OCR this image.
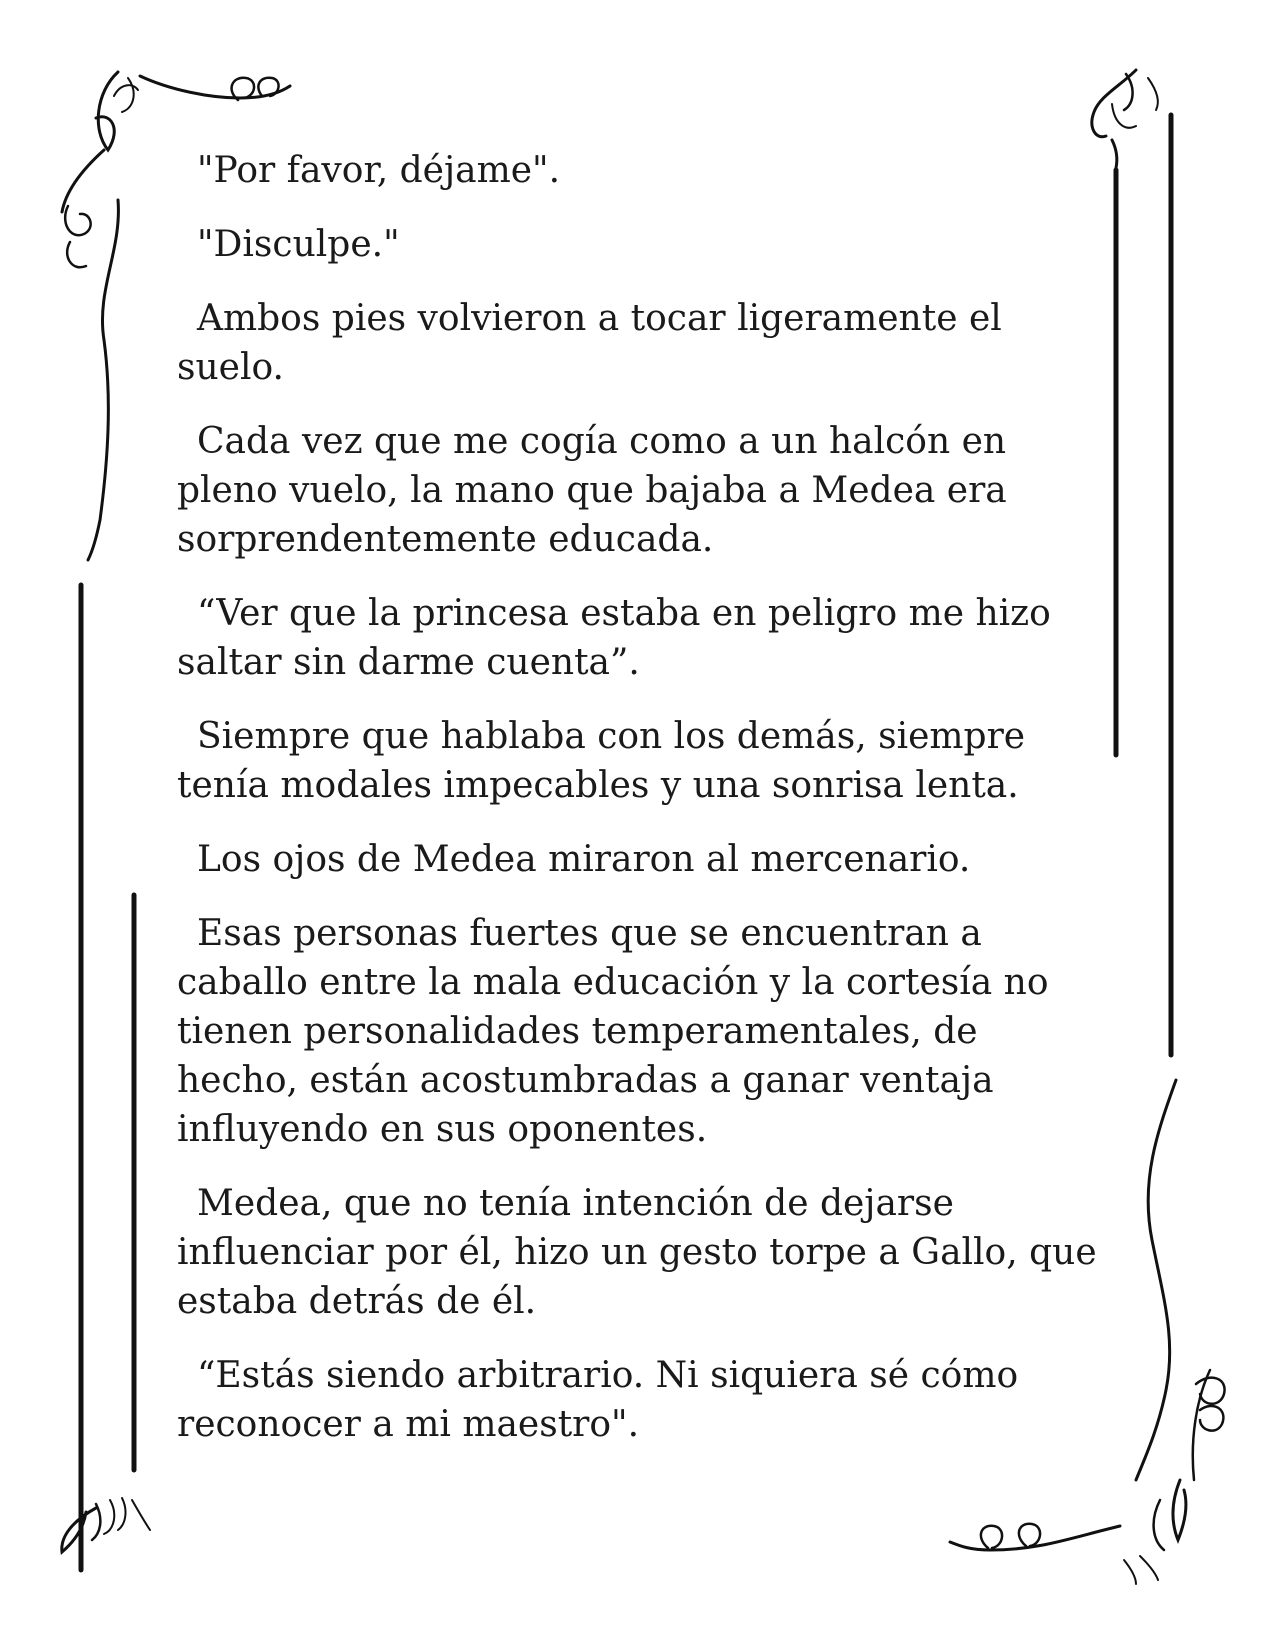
"Por favor, déjame".

"Disculpe."

Ambos pies volvieron a tocar ligeramente el suelo.

Cada vez que me cogía como a un halcón en pleno vuelo, la mano que bajaba a Medea era sorprendentemente educada.

“Ver que la princesa estaba en peligro me hizo saltar sin darme cuenta”.

Siempre que hablaba con los demás, siempre tenía modales impecables y una sonrisa lenta.

Los ojos de Medea miraron al mercenario.

Esas personas fuertes que se encuentran a caballo entre la mala educación y la cortesía no tienen personalidades temperamentales, de hecho, están acostumbradas a ganar ventaja influyendo en sus oponentes.

Medea, que no tenía intención de dejarse influenciar por él, hizo un gesto torpe a Gallo, que estaba detrás de él.

“Estás siendo arbitrario. Ni siquiera sé cómo reconocer a mi maestro".
